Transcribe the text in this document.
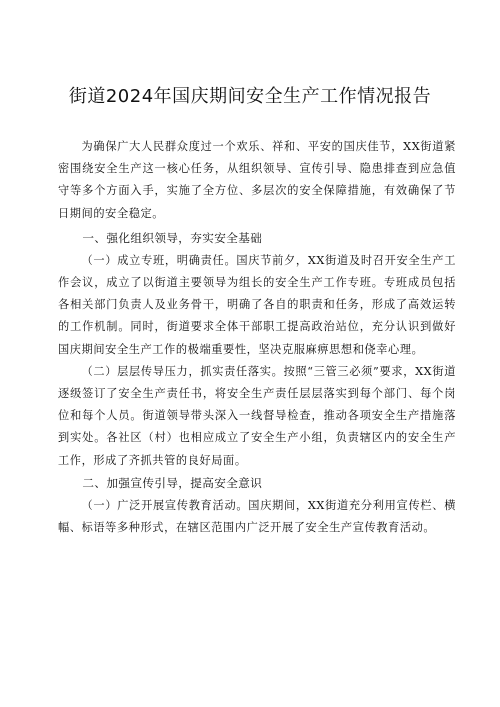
街道2024年国庆期间安全生产工作情况报告

为确保广大人民群众度过一个欢乐、祥和、平安的国庆佳节，XX街道紧密围绕安全生产这一核心任务，从组织领导、宣传引导、隐患排查到应急值守等多个方面入手，实施了全方位、多层次的安全保障措施，有效确保了节日期间的安全稳定。

一、强化组织领导，夯实安全基础

（一）成立专班，明确责任。国庆节前夕，XX街道及时召开安全生产工作会议，成立了以街道主要领导为组长的安全生产工作专班。专班成员包括各相关部门负责人及业务骨干，明确了各自的职责和任务，形成了高效运转的工作机制。同时，街道要求全体干部职工提高政治站位，充分认识到做好国庆期间安全生产工作的极端重要性，坚决克服麻痹思想和侥幸心理。

（二）层层传导压力，抓实责任落实。按照“三管三必须”要求，XX街道逐级签订了安全生产责任书，将安全生产责任层层落实到每个部门、每个岗位和每个人员。街道领导带头深入一线督导检查，推动各项安全生产措施落到实处。各社区（村）也相应成立了安全生产小组，负责辖区内的安全生产工作，形成了齐抓共管的良好局面。

二、加强宣传引导，提高安全意识

（一）广泛开展宣传教育活动。国庆期间，XX街道充分利用宣传栏、横幅、标语等多种形式，在辖区范围内广泛开展了安全生产宣传教育活动。
